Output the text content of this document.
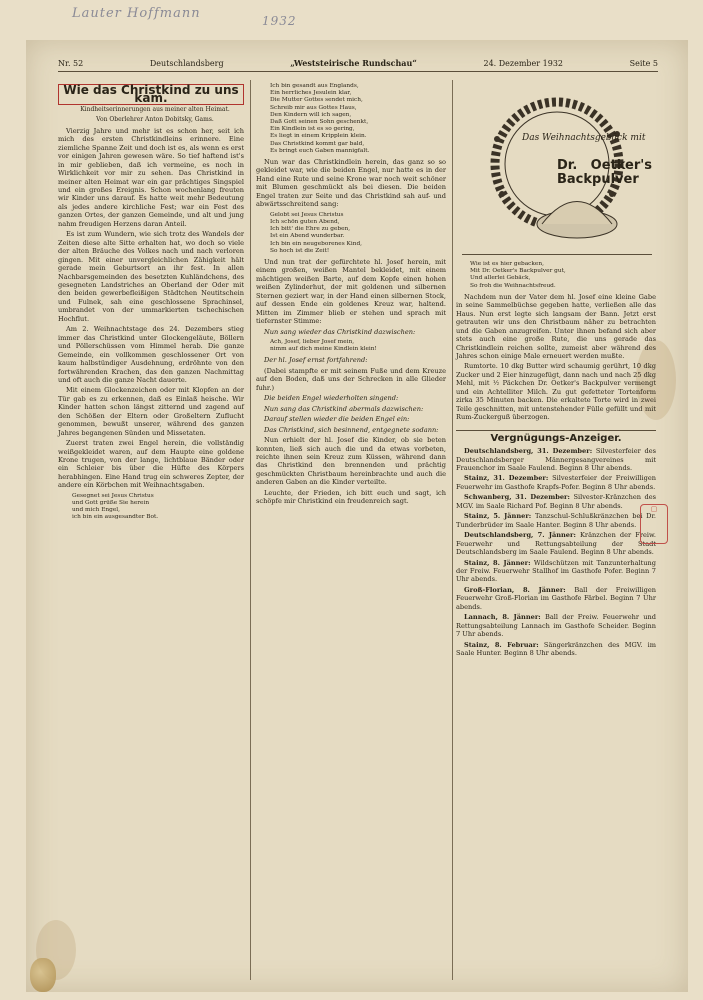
Lauter Hoffmann	1932
Nr. 52	Deutschlandsberg	„Weststeirische Rundschau“	24. Dezember 1932	Seite 5
Wie das Christkind zu uns kam.

Kindheitserinnerungen aus meiner alten Heimat.

Von Oberlehrer Anton Dobitsky, Gams.

Vierzig Jahre und mehr ist es schon her, seit ich mich des ersten Christkindleins erinnere. Eine ziemliche Spanne Zeit und doch ist es, als wenn es erst vor einigen Jahren gewesen wäre. So tief haftend ist's in mir geblieben, daß ich vermeine, es noch in Wirklichkeit vor mir zu sehen. Das Christkind in meiner alten Heimat war ein gar prächtiges Singspiel und ein großes Ereignis. Schon wochenlang freuten wir Kinder uns darauf. Es hatte weit mehr Bedeutung als jedes andere kirchliche Fest; war ein Fest des ganzen Ortes, der ganzen Gemeinde, und alt und jung nahm freudigen Herzens daran Anteil.

Es ist zum Wundern, wie sich trotz des Wandels der Zeiten diese alte Sitte erhalten hat, wo doch so viele der alten Bräuche des Volkes nach und nach verloren gingen. Mit einer unvergleichlichen Zähigkeit hält gerade mein Geburtsort an ihr fest. In allen Nachbarsgemeinden des besetzten Kuhländchens, des gesegneten Landstriches an Oberland der Oder mit den beiden gewerbefleißigen Städtchen Neutitschein und Fulnek, sah eine geschlossene Sprachinsel, umbrandet von der ummarkierten tschechischen Hochflut.

Am 2. Weihnachtstage des 24. Dezembers stieg immer das Christkind unter Glockengeläute, Böllern und Pöllerschüssen vom Himmel herab. Die ganze Gemeinde, ein vollkommen geschlossener Ort von kaum halbstündiger Ausdehnung, erdröhnte von den fortwährenden Krachen, das den ganzen Nachmittag und oft auch die ganze Nacht dauerte.

Mit einem Glockenzeichen oder mit Klopfen an der Tür gab es zu erkennen, daß es Einlaß heische. Wir Kinder hatten schon längst zitternd und zagend auf den Schößen der Eltern oder Großeltern Zuflucht genommen, bewußt unserer, während des ganzen Jahres begangenen Sünden und Missetaten.

Zuerst traten zwei Engel herein, die vollständig weißgekleidet waren, auf dem Haupte eine goldene Krone trugen, von der lange, lichtblaue Bänder oder ein Schleier bis über die Hüfte des Körpers herabhingen. Eine Hand trug ein schweres Zepter, der andere ein Körbchen mit Weihnachtsgaben.

Gesegnet sei Jesus Christus
und Gott grüße Sie herein
und mich Engel,
ich bin ein ausgesandter Bot.
Ich bin gesandt aus Englands,
Ein herrliches Jesulein klar,
Die Mutter Gottes sendet mich,
Schreib mir aus Gottes Haus,
Den Kindern will ich sagen,
Daß Gott seinen Sohn geschenkt,
Ein Kindlein ist es so gering,
Es liegt in einem Kripplein klein.
Das Christkind kommt gar bald,
Es bringt euch Gaben mannigfalt.

Nun war das Christkindlein herein, das ganz so so gekleidet war, wie die beiden Engel, nur hatte es in der Hand eine Rute und seine Krone war noch weit schöner mit Blumen geschmückt als bei diesen. Die beiden Engel traten zur Seite und das Christkind sah auf- und abwärtsschreitend sang:

Gelobt sei Jesus Christus
Ich schön guten Abend,
Ich bitt' die Ehre zu geben,
Ist ein Abend wunderbar.
Ich bin ein neugeborenes Kind,
So hoch ist die Zeit!

Und nun trat der gefürchtete hl. Josef herein, mit einem großen, weißen Mantel bekleidet, mit einem mächtigen weißen Barte, auf dem Kopfe einen hohen weißen Zylinderhut, der mit goldenen und silbernen Sternen geziert war, in der Hand einen silbernen Stock, auf dessen Ende ein goldenes Kreuz war, haltend. Mitten im Zimmer blieb er stehen und sprach mit tiefernster Stimme:

Nun sang wieder das Christkind dazwischen:

Ach, Josef, lieber Josef mein,
nimm auf dich meine Kindlein klein!

Der hl. Josef ernst fortfahrend:

(Dabei stampfte er mit seinem Fuße und dem Kreuze auf den Boden, daß uns der Schrecken in alle Glieder fuhr.)

Die beiden Engel wiederholten singend:

Nun sang das Christkind abermals dazwischen:

Darauf stellen wieder die beiden Engel ein:

Das Christkind, sich besinnend, entgegnete sodann:

Nun erhielt der hl. Josef die Kinder, ob sie beten konnten, ließ sich auch die und da etwas vorbeten, reichte ihnen sein Kreuz zum Küssen, während dann das Christkind den brennenden und prächtig geschmückten Christbaum hereinbrachte und auch die anderen Gaben an die Kinder verteilte.

Leuchte, der Frieden, ich bitt euch und sagt, ich schöpfe mir Christkind ein freudenreich sagt.

Das Weihnachtsgebäck mit
Dr. Oetker's Backpulver
Wie ist es hier gebacken,
Mit Dr. Oetker's Backpulver gut,
Und allerlei Gebäck,
So froh die Weihnachtsfreud.

Nachdem nun der Vater dem hl. Josef eine kleine Gabe in seine Sammelbüchse gegeben hatte, verließen alle das Haus. Nun erst legte sich langsam der Bann. Jetzt erst getrauten wir uns den Christbaum näher zu betrachten und die Gaben anzugreifen. Unter ihnen befand sich aber stets auch eine große Rute, die uns gerade das Christkindlein reichen sollte, zumeist aber während des Jahres schon einige Male erneuert werden mußte.

Rumtorte. 10 dkg Butter wird schaumig gerührt, 10 dkg Zucker und 2 Eier hinzugefügt, dann nach und nach 25 dkg Mehl, mit ½ Päckchen Dr. Oetker's Backpulver vermengt und ein Achtelliter Milch. Zu gut gefetteter Tortenform zirka 35 Minuten backen. Die erkaltete Torte wird in zwei Teile geschnitten, mit untenstehender Fülle gefüllt und mit Rum-Zuckerguß überzogen.

Vergnügungs-Anzeiger.

Deutschlandsberg, 31. Dezember: Silvesterfeier des Deutschlandsberger Männergesangvereines mit Frauenchor im Saale Faulend. Beginn 8 Uhr abends.

Stainz, 31. Dezember: Silvesterfeier der Freiwilligen Feuerwehr im Gasthofe Krapfs-Pofer. Beginn 8 Uhr abends.

Schwanberg, 31. Dezember: Silvester-Kränzchen des MGV. im Saale Richard Pof. Beginn 8 Uhr abends.

Stainz, 5. Jänner: Tanzschul-Schlußkränzchen bei Dr. Tunderbrüder im Saale Hanter. Beginn 8 Uhr abends.

Deutschlandsberg, 7. Jänner: Kränzchen der Freiw. Feuerwehr und Rettungsabteilung der Stadt Deutschlandsberg im Saale Faulend. Beginn 8 Uhr abends.

Stainz, 8. Jänner: Wildschützen mit Tanzunterhaltung der Freiw. Feuerwehr Stallhof im Gasthofe Pofer. Beginn 7 Uhr abends.

Groß-Florian, 8. Jänner: Ball der Freiwilligen Feuerwehr Groß-Florian im Gasthofe Färbel. Beginn 7 Uhr abends.

Lannach, 8. Jänner: Ball der Freiw. Feuerwehr und Rettungsabteilung Lannach im Gasthofe Scheider. Beginn 7 Uhr abends.

Stainz, 8. Februar: Sängerkränzchen des MGV. im Saale Hunter. Beginn 8 Uhr abends.

▢
